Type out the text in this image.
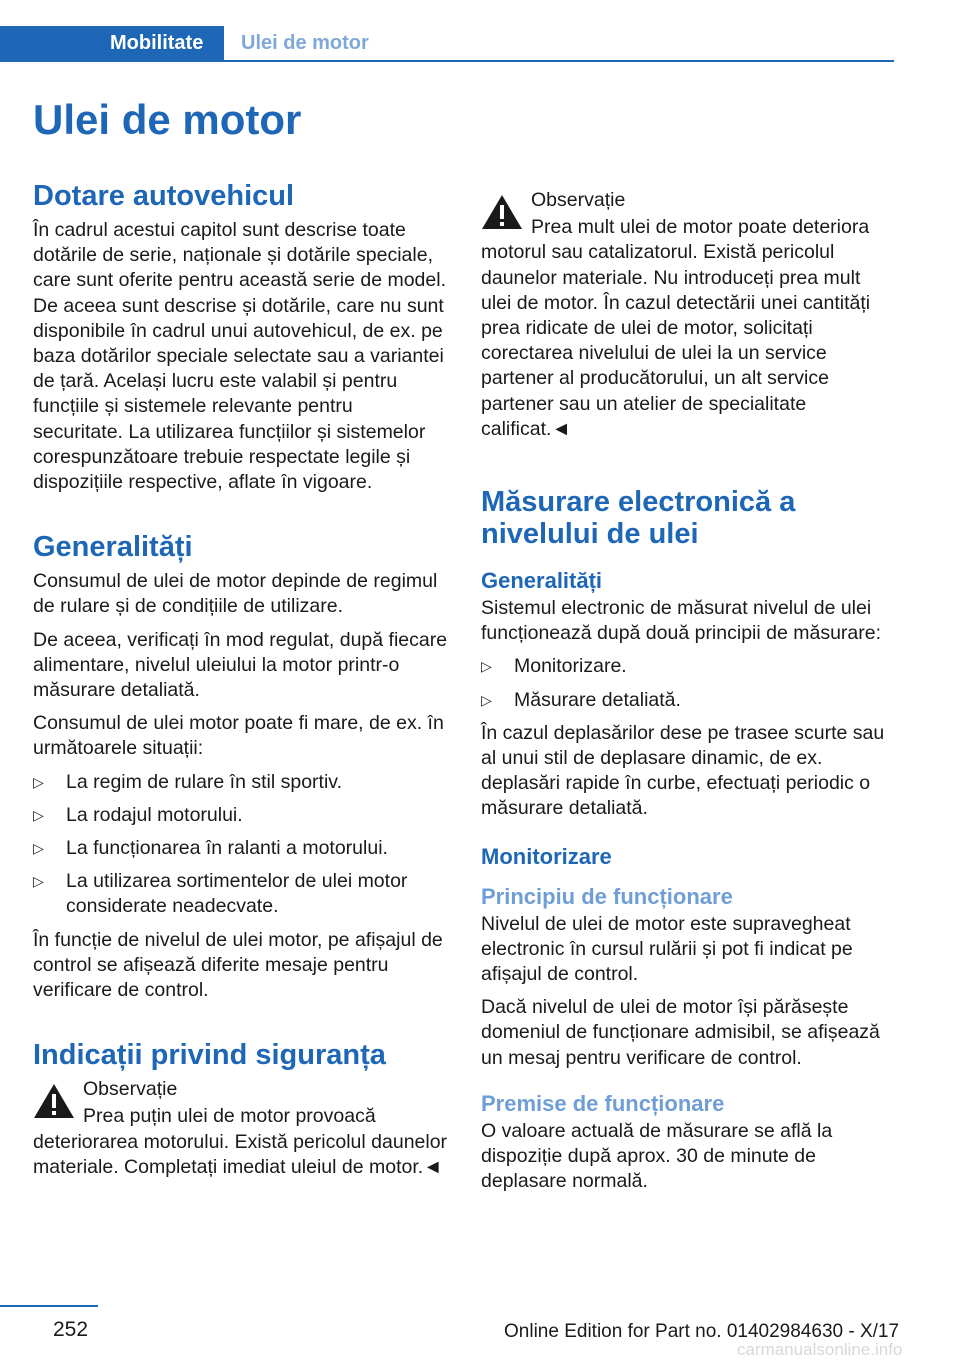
Mobilitate Ulei de motor
Ulei de motor
Dotare autovehicul

În cadrul acestui capitol sunt descrise toate dotările de serie, naționale și dotările speciale, care sunt oferite pentru această serie de model. De aceea sunt descrise și dotările, care nu sunt disponibile în cadrul unui autovehicul, de ex. pe baza dotărilor speciale selectate sau a variantei de țară. Același lucru este valabil și pentru funcțiile și sistemele relevante pentru securitate. La utilizarea funcțiilor și sistemelor corespunzătoare trebuie respectate legile și dispozițiile respective, aflate în vigoare.

Generalități

Consumul de ulei de motor depinde de regimul de rulare și de condițiile de utilizare.

De aceea, verificați în mod regulat, după fiecare alimentare, nivelul uleiului la motor printr-o măsurare detaliată.

Consumul de ulei motor poate fi mare, de ex. în următoarele situații:

▷ La regim de rulare în stil sportiv.
▷ La rodajul motorului.
▷ La funcționarea în ralanti a motorului.
▷ La utilizarea sortimentelor de ulei motor considerate neadecvate.

În funcție de nivelul de ulei motor, pe afișajul de control se afișează diferite mesaje pentru verificare de control.

Indicații privind siguranța
Observație

Prea puțin ulei de motor provoacă deteriorarea motorului. Există pericolul daunelor materiale. Completați imediat uleiul de motor.◄

Observație

Prea mult ulei de motor poate deteriora motorul sau catalizatorul. Există pericolul daunelor materiale. Nu introduceți prea mult ulei de motor. În cazul detectării unei cantități prea ridicate de ulei de motor, solicitați corectarea nivelului de ulei la un service partener al producătorului, un alt service partener sau un atelier de specialitate calificat.◄

Măsurare electronică a nivelului de ulei
Generalități

Sistemul electronic de măsurat nivelul de ulei funcționează după două principii de măsurare:

▷ Monitorizare.
▷ Măsurare detaliată.

În cazul deplasărilor dese pe trasee scurte sau al unui stil de deplasare dinamic, de ex. deplasări rapide în curbe, efectuați periodic o măsurare detaliată.

Monitorizare
Principiu de funcționare

Nivelul de ulei de motor este supravegheat electronic în cursul rulării și pot fi indicat pe afișajul de control.

Dacă nivelul de ulei de motor își părăsește domeniul de funcționare admisibil, se afișează un mesaj pentru verificare de control.

Premise de funcționare

O valoare actuală de măsurare se află la dispoziție după aprox. 30 de minute de deplasare normală.

252	Online Edition for Part no. 01402984630 - X/17
carmanualsonline.info
